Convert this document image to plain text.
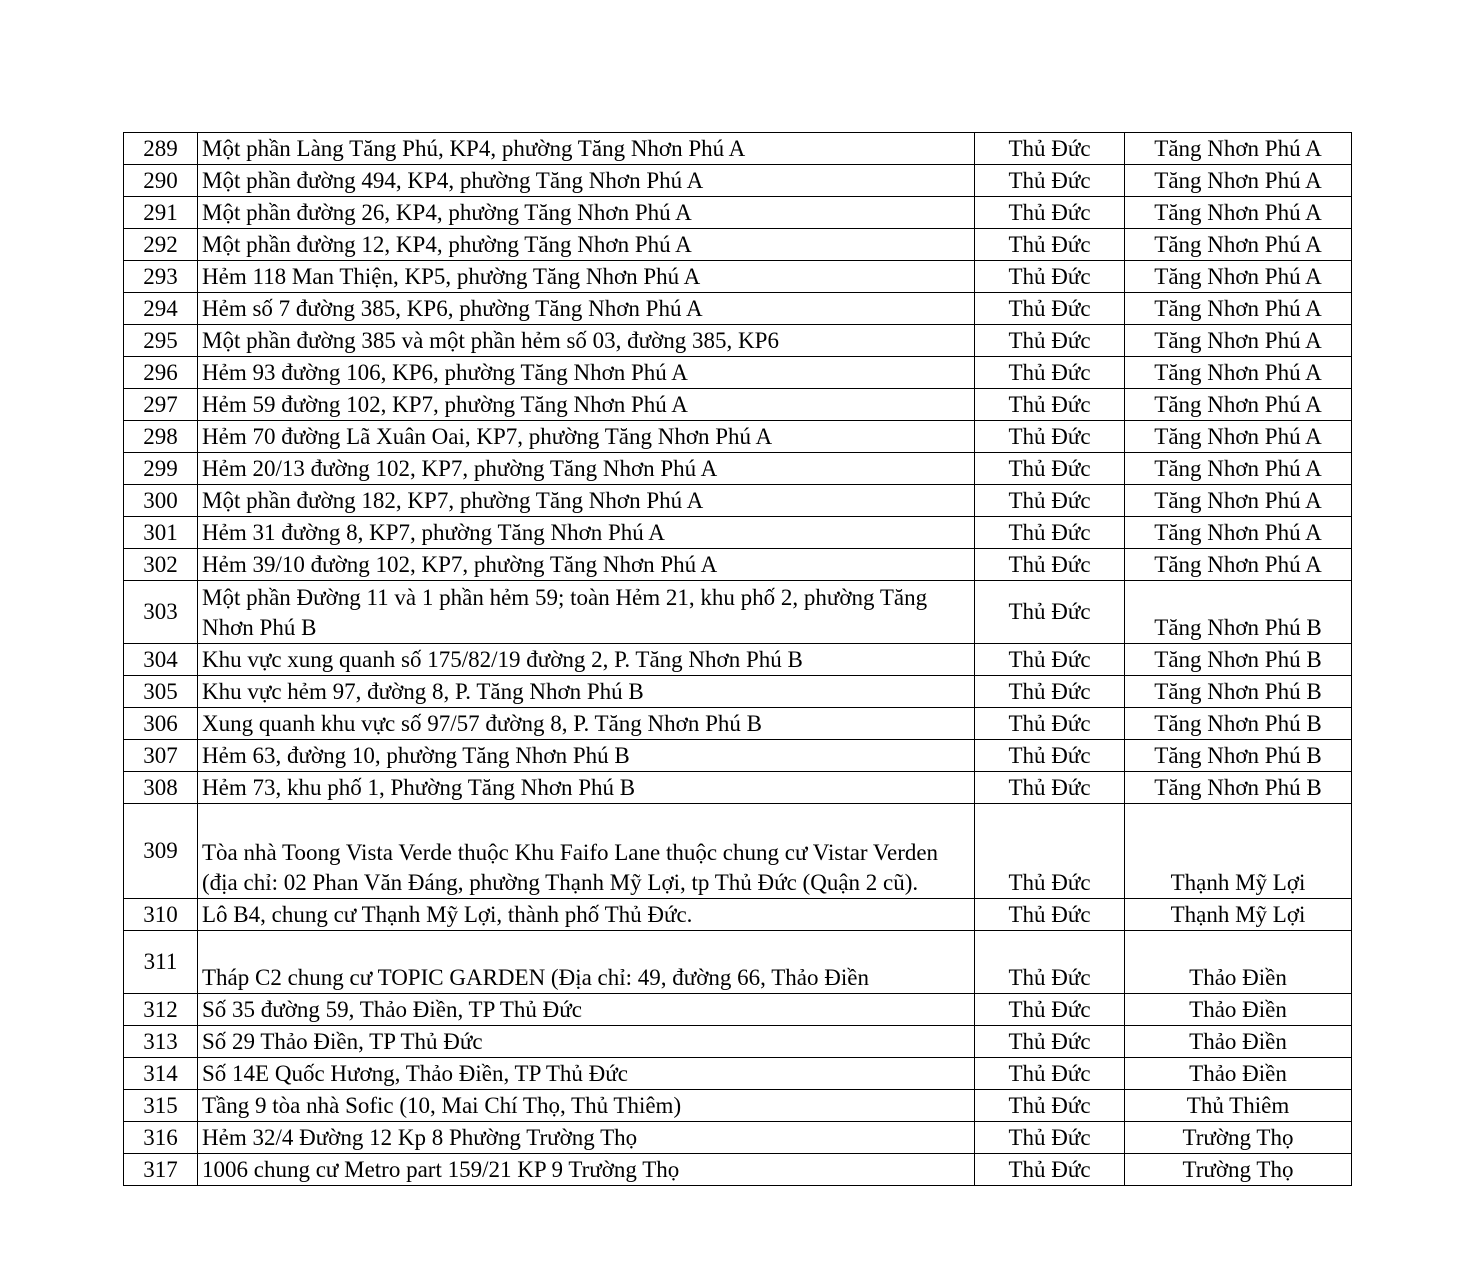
289	Một phần Làng Tăng Phú, KP4, phường Tăng Nhơn Phú A	Thủ Đức	Tăng Nhơn Phú A
290	Một phần đường 494, KP4, phường Tăng Nhơn Phú A	Thủ Đức	Tăng Nhơn Phú A
291	Một phần đường 26, KP4, phường Tăng Nhơn Phú A	Thủ Đức	Tăng Nhơn Phú A
292	Một phần đường 12, KP4, phường Tăng Nhơn Phú A	Thủ Đức	Tăng Nhơn Phú A
293	Hẻm 118 Man Thiện, KP5, phường Tăng Nhơn Phú A	Thủ Đức	Tăng Nhơn Phú A
294	Hẻm số 7 đường 385, KP6, phường Tăng Nhơn Phú A	Thủ Đức	Tăng Nhơn Phú A
295	Một phần đường 385 và một phần hẻm số 03, đường 385, KP6	Thủ Đức	Tăng Nhơn Phú A
296	Hẻm 93 đường 106, KP6, phường Tăng Nhơn Phú A	Thủ Đức	Tăng Nhơn Phú A
297	Hẻm 59 đường 102, KP7, phường Tăng Nhơn Phú A	Thủ Đức	Tăng Nhơn Phú A
298	Hẻm 70 đường Lã Xuân Oai, KP7, phường Tăng Nhơn Phú A	Thủ Đức	Tăng Nhơn Phú A
299	Hẻm 20/13 đường 102, KP7, phường Tăng Nhơn Phú A	Thủ Đức	Tăng Nhơn Phú A
300	Một phần đường 182, KP7, phường Tăng Nhơn Phú A	Thủ Đức	Tăng Nhơn Phú A
301	Hẻm 31 đường 8, KP7, phường Tăng Nhơn Phú A	Thủ Đức	Tăng Nhơn Phú A
302	Hẻm 39/10 đường 102, KP7, phường Tăng Nhơn Phú A	Thủ Đức	Tăng Nhơn Phú A
303	Một phần Đường 11 và 1 phần hẻm 59; toàn Hẻm 21, khu phố 2, phường Tăng Nhơn Phú B	Thủ Đức	Tăng Nhơn Phú B
304	Khu vực xung quanh số 175/82/19 đường 2, P. Tăng Nhơn Phú B	Thủ Đức	Tăng Nhơn Phú B
305	Khu vực hẻm 97, đường 8, P. Tăng Nhơn Phú B	Thủ Đức	Tăng Nhơn Phú B
306	Xung quanh khu vực số 97/57 đường 8, P. Tăng Nhơn Phú B	Thủ Đức	Tăng Nhơn Phú B
307	Hẻm 63, đường 10, phường Tăng Nhơn Phú B	Thủ Đức	Tăng Nhơn Phú B
308	Hẻm 73, khu phố 1, Phường Tăng Nhơn Phú B	Thủ Đức	Tăng Nhơn Phú B
309	Tòa nhà Toong Vista Verde thuộc Khu Faifo Lane thuộc chung cư Vistar Verden (địa chỉ: 02 Phan Văn Đáng, phường Thạnh Mỹ Lợi, tp Thủ Đức (Quận 2 cũ).	Thủ Đức	Thạnh Mỹ Lợi
310	Lô B4, chung cư Thạnh Mỹ Lợi, thành phố Thủ Đức.	Thủ Đức	Thạnh Mỹ Lợi
311	Tháp C2 chung cư TOPIC GARDEN (Địa chỉ: 49, đường 66, Thảo Điền	Thủ Đức	Thảo Điền
312	Số 35 đường 59, Thảo Điền, TP Thủ Đức	Thủ Đức	Thảo Điền
313	Số 29 Thảo Điền, TP Thủ Đức	Thủ Đức	Thảo Điền
314	Số 14E Quốc Hương, Thảo Điền, TP Thủ Đức	Thủ Đức	Thảo Điền
315	Tầng 9 tòa nhà Sofic (10, Mai Chí Thọ, Thủ Thiêm)	Thủ Đức	Thủ Thiêm
316	Hẻm 32/4 Đường 12 Kp 8 Phường Trường Thọ	Thủ Đức	Trường Thọ
317	1006 chung cư Metro part 159/21 KP 9 Trường Thọ	Thủ Đức	Trường Thọ
